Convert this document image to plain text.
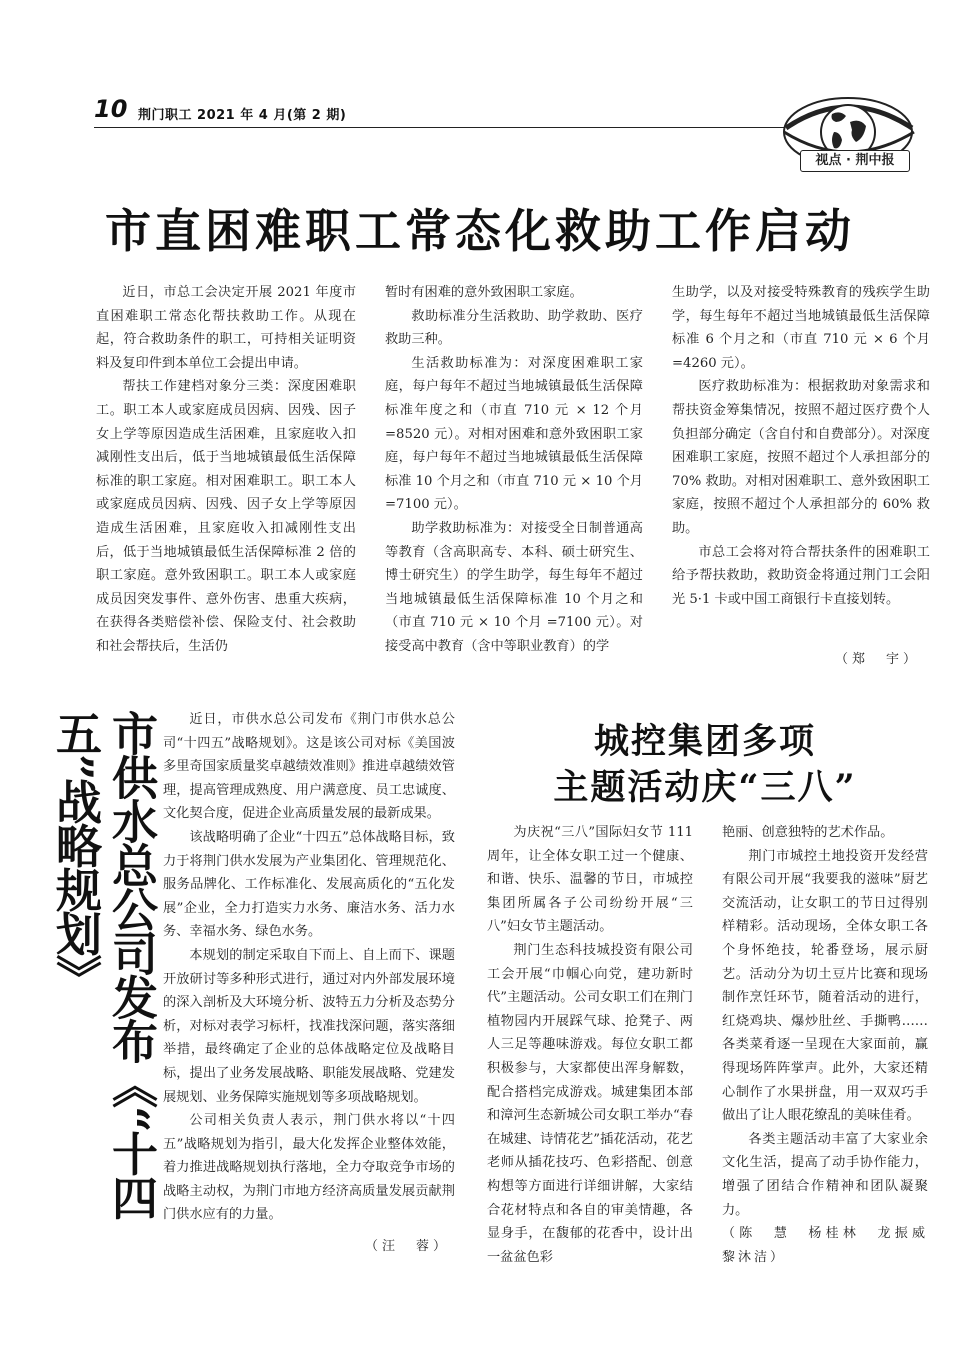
10 荆门职工 2021 年 4 月(第 2 期)
视点 · 荆中报
市直困难职工常态化救助工作启动

近日，市总工会决定开展 2021 年度市直困难职工常态化帮扶救助工作。从现在起，符合救助条件的职工，可持相关证明资料及复印件到本单位工会提出申请。

帮扶工作建档对象分三类：深度困难职工。职工本人或家庭成员因病、因残、因子女上学等原因造成生活困难，且家庭收入扣减刚性支出后，低于当地城镇最低生活保障标准的职工家庭。相对困难职工。职工本人或家庭成员因病、因残、因子女上学等原因造成生活困难，且家庭收入扣减刚性支出后，低于当地城镇最低生活保障标准 2 倍的职工家庭。意外致困职工。职工本人或家庭成员因突发事件、意外伤害、患重大疾病，在获得各类赔偿补偿、保险支付、社会救助和社会帮扶后，生活仍

暂时有困难的意外致困职工家庭。

救助标准分生活救助、助学救助、医疗救助三种。

生活救助标准为：对深度困难职工家庭，每户每年不超过当地城镇最低生活保障标准年度之和（市直 710 元 × 12 个月 =8520 元）。对相对困难和意外致困职工家庭，每户每年不超过当地城镇最低生活保障标准 10 个月之和（市直 710 元 × 10 个月 =7100 元）。

助学救助标准为：对接受全日制普通高等教育（含高职高专、本科、硕士研究生、博士研究生）的学生助学，每生每年不超过当地城镇最低生活保障标准 10 个月之和（市直 710 元 × 10 个月 =7100 元）。对接受高中教育（含中等职业教育）的学

生助学，以及对接受特殊教育的残疾学生助学，每生每年不超过当地城镇最低生活保障标准 6 个月之和（市直 710 元 × 6 个月 =4260 元）。

医疗救助标准为：根据救助对象需求和帮扶资金筹集情况，按照不超过医疗费个人负担部分确定（含自付和自费部分）。对深度困难职工家庭，按照不超过个人承担部分的 70% 救助。对相对困难职工、意外致困职工家庭，按照不超过个人承担部分的 60% 救助。

市总工会将对符合帮扶条件的困难职工给予帮扶救助，救助资金将通过荆门工会阳光 5·1 卡或中国工商银行卡直接划转。

（郑　宇）
市供水总公司发布《“十四五”战略规划》	近日，市供水总公司发布《荆门市供水总公司“十四五”战略规划》。这是该公司对标《美国波多里奇国家质量奖卓越绩效准则》推进卓越绩效管理，提高管理成熟度、用户满意度、员工忠诚度、文化契合度，促进企业高质量发展的最新成果。

该战略明确了企业“十四五”总体战略目标，致力于将荆门供水发展为产业集团化、管理规范化、服务品牌化、工作标准化、发展高质化的“五化发展”企业，全力打造实力水务、廉洁水务、活力水务、幸福水务、绿色水务。

本规划的制定采取自下而上、自上而下、课题开放研讨等多种形式进行，通过对内外部发展环境的深入剖析及大环境分析、波特五力分析及态势分析，对标对表学习标杆，找准找深问题，落实落细举措，最终确定了企业的总体战略定位及战略目标，提出了业务发展战略、职能发展战略、党建发展规划、业务保障实施规划等多项战略规划。

公司相关负责人表示，荆门供水将以“十四五”战略规划为指引，最大化发挥企业整体效能，着力推进战略规划执行落地，全力夺取竞争市场的战略主动权，为荆门市地方经济高质量发展贡献荆门供水应有的力量。

（汪　蓉）
城控集团多项
主题活动庆“三八”

为庆祝“三八”国际妇女节 111 周年，让全体女职工过一个健康、和谐、快乐、温馨的节日，市城控集团所属各子公司纷纷开展“三八”妇女节主题活动。

荆门生态科技城投资有限公司工会开展“巾帼心向党，建功新时代”主题活动。公司女职工们在荆门植物园内开展踩气球、抢凳子、两人三足等趣味游戏。每位女职工都积极参与，大家都使出浑身解数，配合搭档完成游戏。城建集团本部和漳河生态新城公司女职工举办“春在城建、诗情花艺”插花活动，花艺老师从插花技巧、色彩搭配、创意构想等方面进行详细讲解，大家结合花材特点和各自的审美情趣，各显身手，在馥郁的花香中，设计出一盆盆色彩

艳丽、创意独特的艺术作品。

荆门市城控土地投资开发经营有限公司开展“我要我的滋味”厨艺交流活动，让女职工的节日过得别样精彩。活动现场，全体女职工各个身怀绝技，轮番登场，展示厨艺。活动分为切土豆片比赛和现场制作烹饪环节，随着活动的进行，红烧鸡块、爆炒肚丝、手撕鸭……各类菜肴逐一呈现在大家面前，赢得现场阵阵掌声。此外，大家还精心制作了水果拼盘，用一双双巧手做出了让人眼花缭乱的美味佳肴。

各类主题活动丰富了大家业余文化生活，提高了动手协作能力，增强了团结合作精神和团队凝聚力。

（陈　慧　杨桂林　龙振威　黎沐洁）
